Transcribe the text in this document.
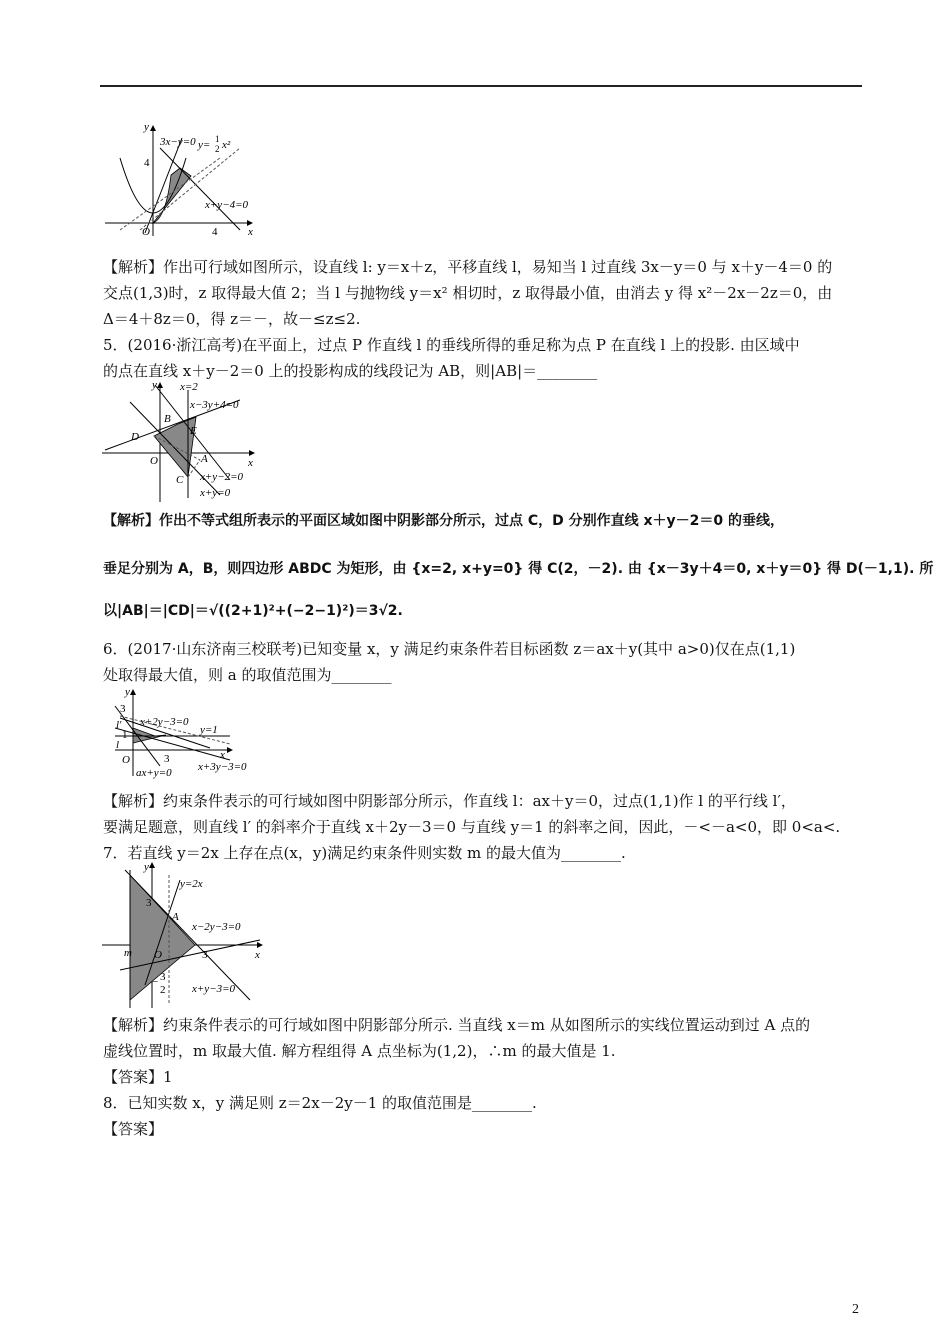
y
x
O
3x−y=0 y= 1
2 x²
x+y−4=0
4
4
【解析】作出可行域如图所示，设直线 l: y＝x＋z，平移直线 l，易知当 l 过直线 3x－y＝0 与 x＋y－4＝0 的
交点(1,3)时，z 取得最大值 2；当 l 与抛物线 y＝x² 相切时，z 取得最小值，由消去 y 得 x²－2x－2z＝0，由
Δ＝4＋8z＝0，得 z＝－，故－≤z≤2.
5．(2016·浙江高考)在平面上，过点 P 作直线 l 的垂线所得的垂足称为点 P 在直线 l 上的投影. 由区域中
的点在直线 x＋y－2＝0 上的投影构成的线段记为 AB，则|AB|＝________
y
x
O
x=2
x−3y+4=0
x+y−2=0
x+y=0
A
B
C
D	E
【解析】作出不等式组所表示的平面区域如图中阴影部分所示，过点 C，D 分别作直线 x＋y－2＝0 的垂线，
垂足分别为 A，B，则四边形 ABDC 为矩形，由 {x=2, x+y=0} 得 C(2，－2). 由 {x－3y＋4＝0, x＋y＝0} 得 D(－1,1). 所
以|AB|＝|CD|＝√((2+1)²+(−2−1)²)＝3√2.
6．(2017·山东济南三校联考)已知变量 x，y 满足约束条件若目标函数 z＝ax＋y(其中 a>0)仅在点(1,1)
处取得最大值，则 a 的取值范围为________
y
x
O
x+2y−3=0
y=1
x+3y−3=0
ax+y=0
l′
l
3
1
3
【解析】约束条件表示的可行域如图中阴影部分所示，作直线 l：ax＋y＝0，过点(1,1)作 l 的平行线 l′，
要满足题意，则直线 l′ 的斜率介于直线 x＋2y－3＝0 与直线 y＝1 的斜率之间，因此，－<－a<0，即 0<a<.
7．若直线 y＝2x 上存在点(x，y)满足约束条件则实数 m 的最大值为________.
y
x
O
y=2x
x−2y−3=0
x+y−3=0
m
A
3
3
− 3
2
【解析】约束条件表示的可行域如图中阴影部分所示. 当直线 x＝m 从如图所示的实线位置运动到过 A 点的
虚线位置时，m 取最大值. 解方程组得 A 点坐标为(1,2)，∴m 的最大值是 1.
【答案】1
8．已知实数 x，y 满足则 z＝2x－2y－1 的取值范围是________.
【答案】
2
